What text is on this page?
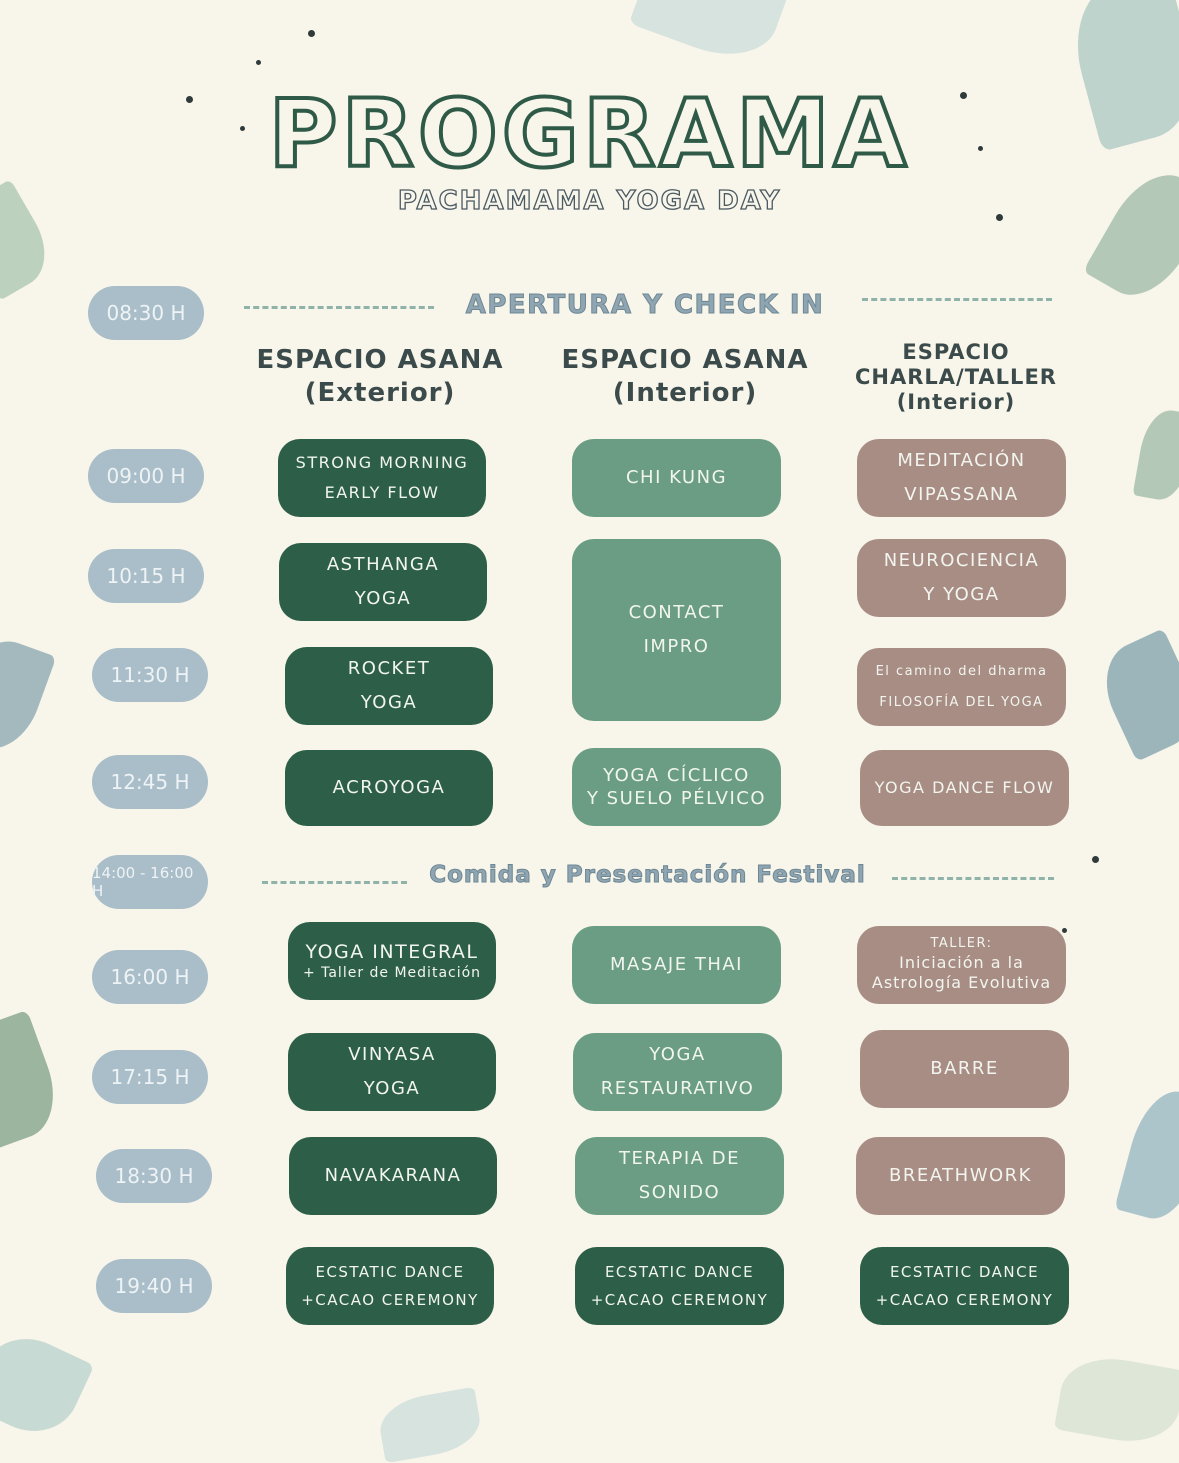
PROGRAMA
PACHAMAMA YOGA DAY
APERTURA Y CHECK IN
08:30 H
09:00 H
10:15 H
11:30 H
12:45 H
14:00 - 16:00 H
16:00 H
17:15 H
18:30 H
19:40 H
ESPACIO ASANA
(Exterior)
ESPACIO ASANA
(Interior)
ESPACIO
CHARLA/TALLER
(Interior)
STRONG MORNING
EARLY FLOW
ASTHANGA
YOGA
ROCKET
YOGA
ACROYOGA
YOGA INTEGRAL
+ Taller de Meditación
VINYASA
YOGA
NAVAKARANA
ECSTATIC DANCE
+CACAO CEREMONY
CHI KUNG
CONTACT
IMPRO
YOGA CÍCLICO
Y SUELO PÉLVICO
MASAJE THAI
YOGA
RESTAURATIVO
TERAPIA DE
SONIDO
ECSTATIC DANCE
+CACAO CEREMONY
MEDITACIÓN
VIPASSANA
NEUROCIENCIA
Y YOGA
El camino del dharma
FILOSOFÍA DEL YOGA
YOGA DANCE FLOW
TALLER:
Iniciación a la
Astrología Evolutiva
BARRE
BREATHWORK
ECSTATIC DANCE
+CACAO CEREMONY
Comida y Presentación Festival
